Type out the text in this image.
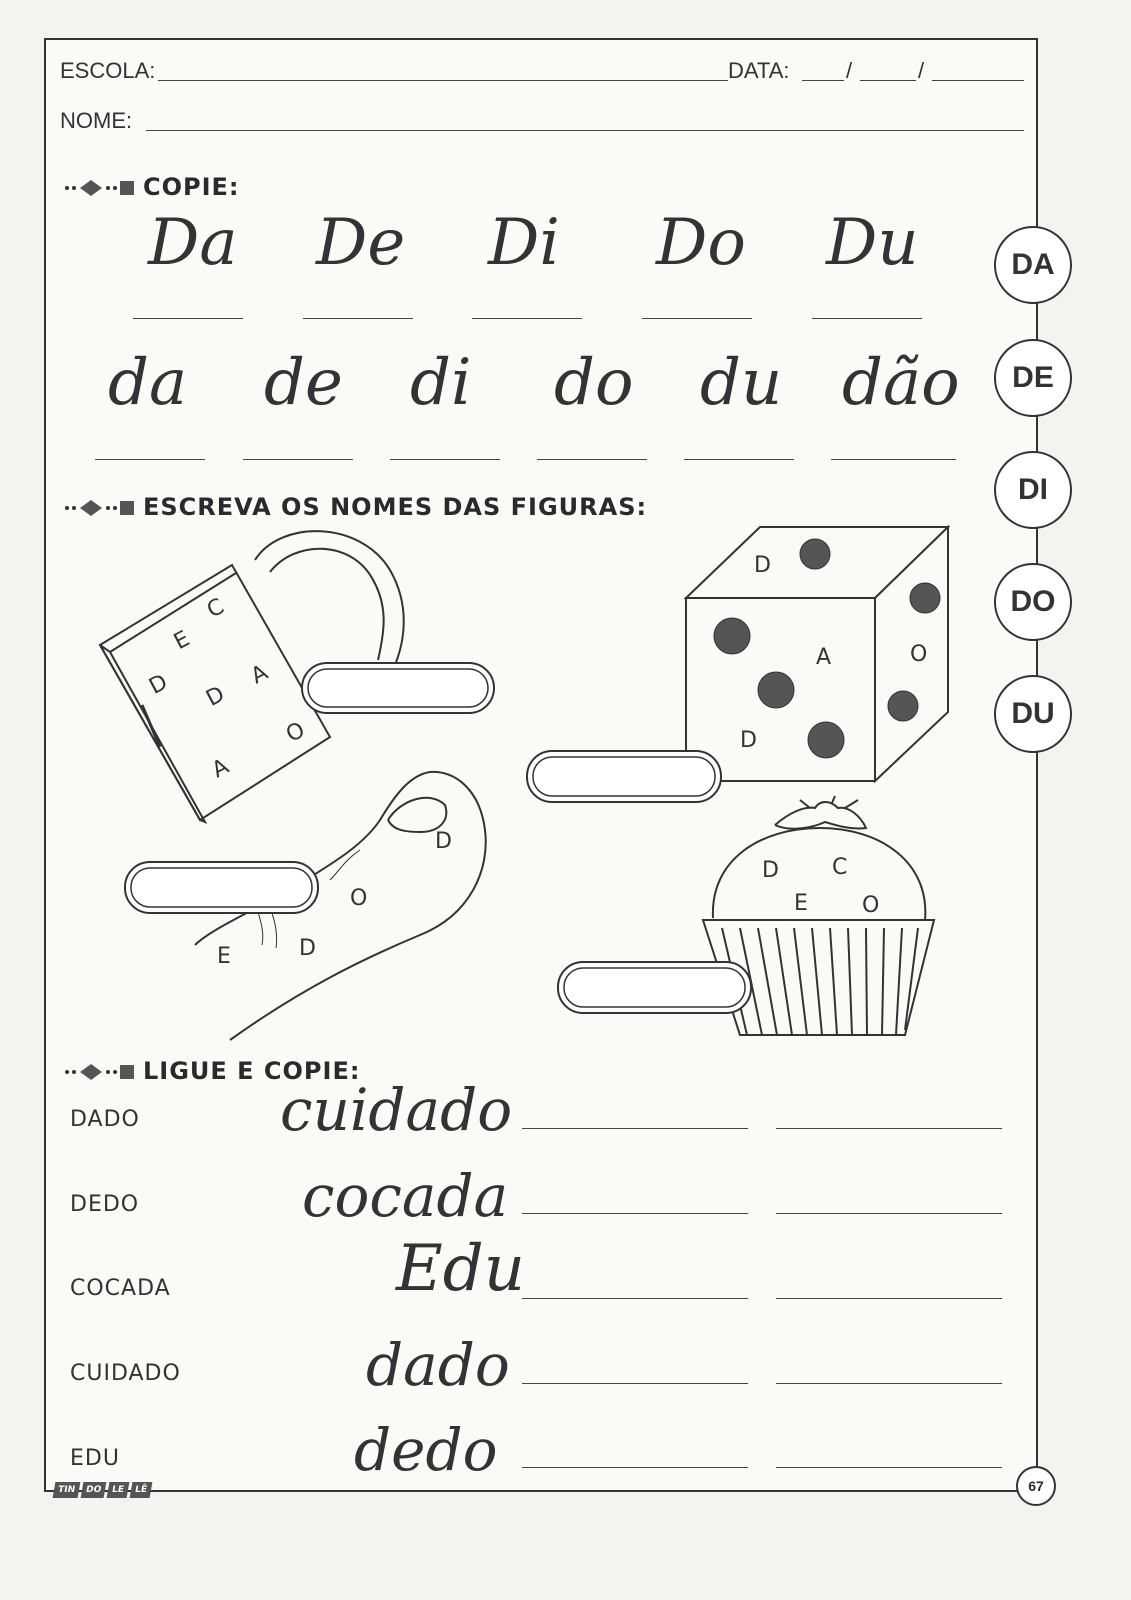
ESCOLA:	DATA:	/	/
NOME:
COPIE:
ESCREVA OS NOMES DAS FIGURAS:
LIGUE E COPIE:
Da De Di Do Du
da de di do du dão
DA
DE
DI
DO
DU
C
E
D D
A
O
A
D
A	O
D
D
O
D
E
D C
E O
DADO
DEDO
COCADA
CUIDADO
EDU
cuidado
cocada
Edu
dado
dedo
TIN	DO	LE	LÊ	67
